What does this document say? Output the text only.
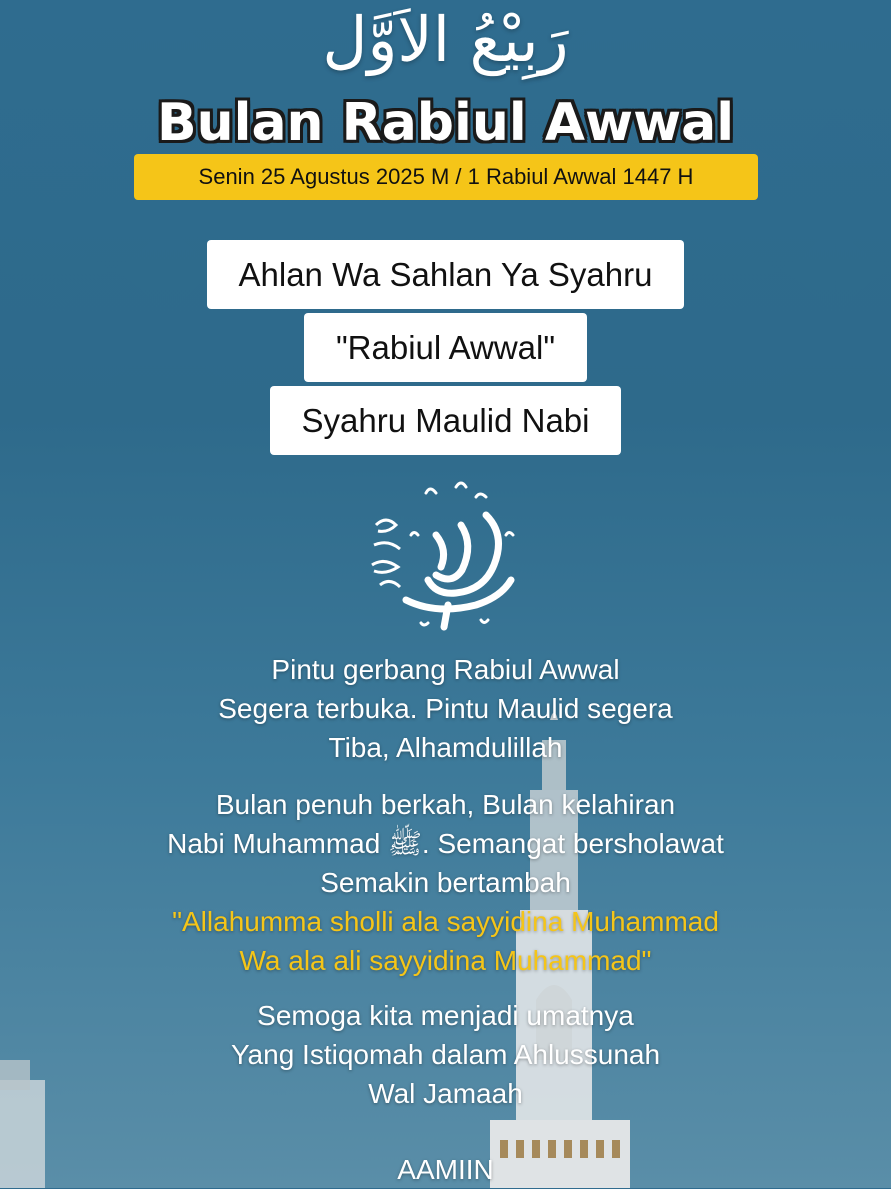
رَبِيْعُ الاَوَّل
Bulan Rabiul Awwal
Senin 25 Agustus 2025 M / 1 Rabiul Awwal 1447 H
Ahlan Wa Sahlan Ya Syahru
"Rabiul Awwal"
Syahru Maulid Nabi
Pintu gerbang Rabiul Awwal
Segera terbuka. Pintu Maulid segera
Tiba, Alhamdulillah
Bulan penuh berkah, Bulan kelahiran
Nabi Muhammad ﷺ. Semangat bersholawat
Semakin bertambah
"Allahumma sholli ala sayyidina Muhammad
Wa ala ali sayyidina Muhammad"
Semoga kita menjadi umatnya
Yang Istiqomah dalam Ahlussunah
Wal Jamaah
AAMIIN
